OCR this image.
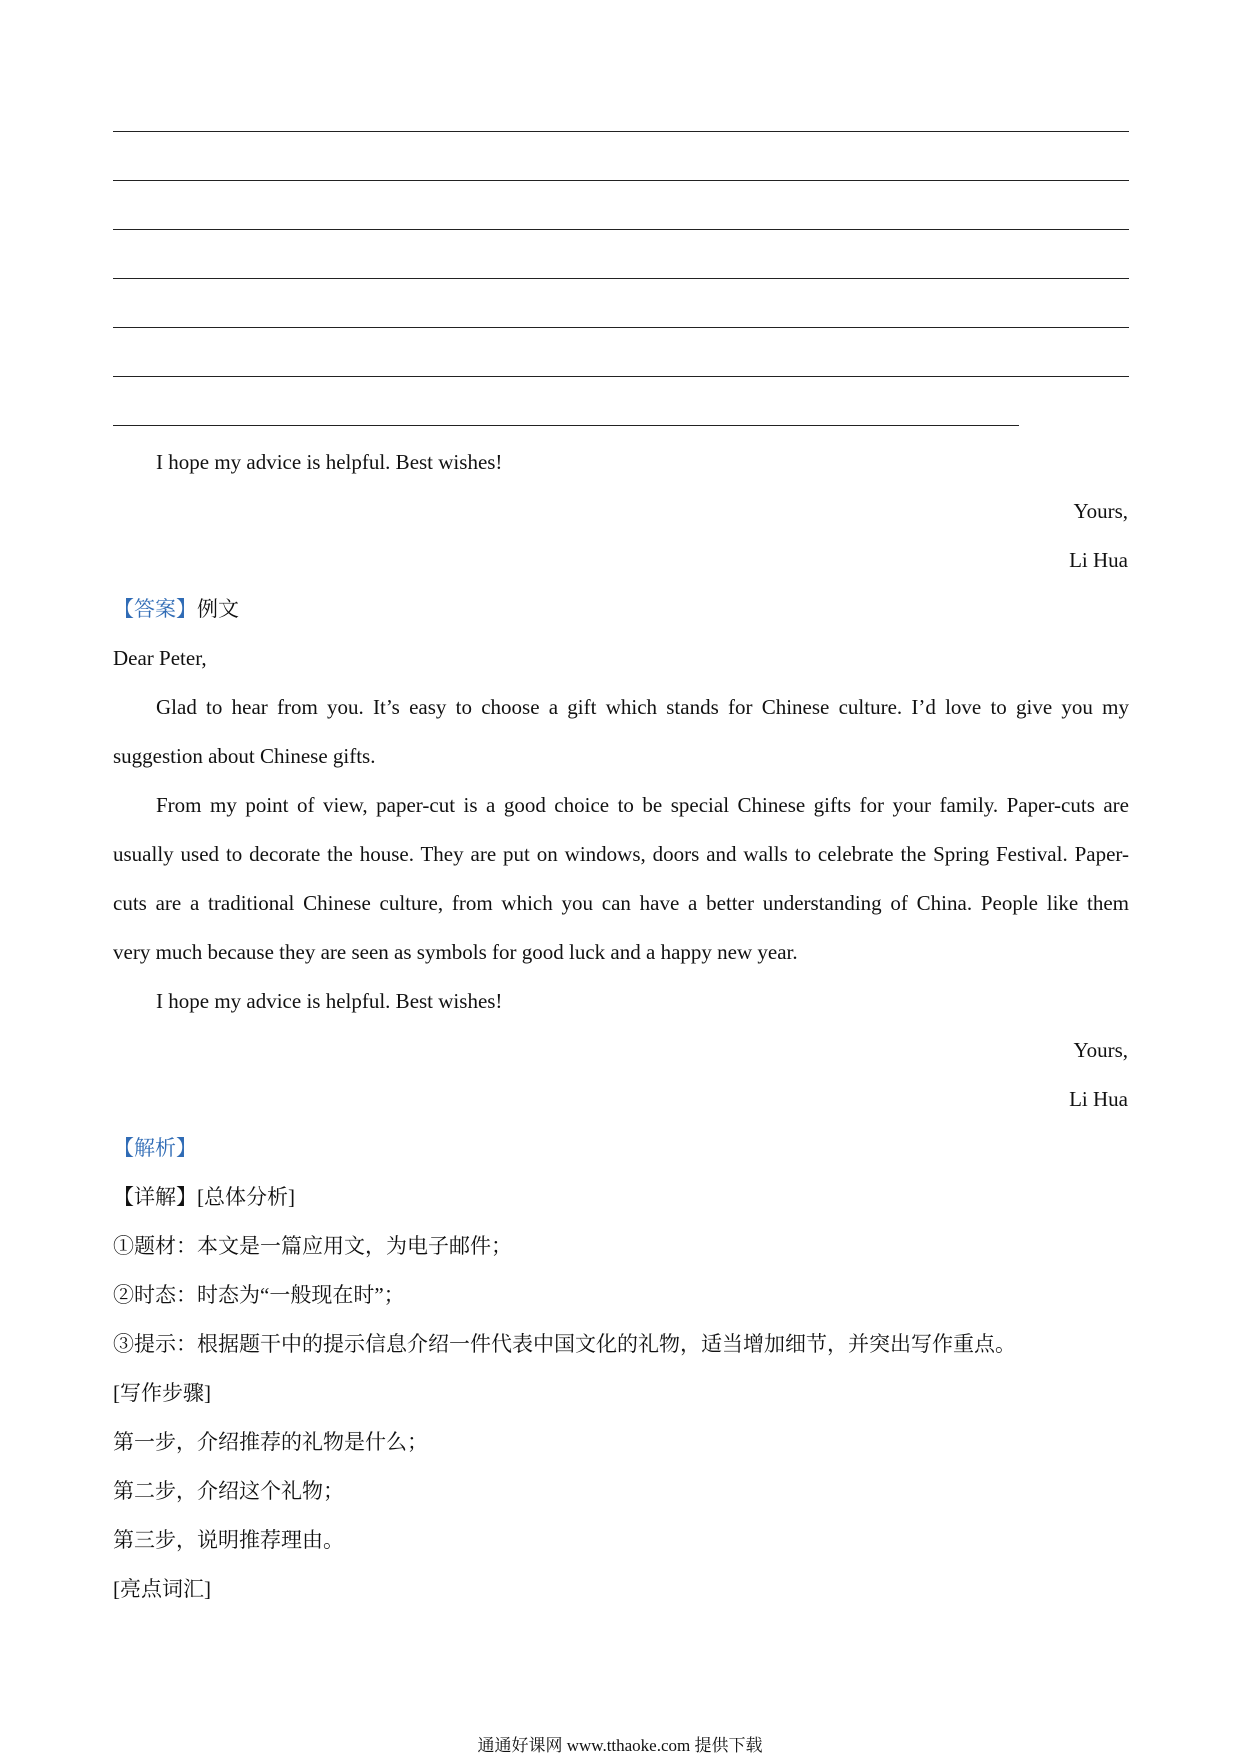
I hope my advice is helpful. Best wishes!
Yours,
Li Hua
【答案】例文
Dear Peter,
Glad to hear from you. It’s easy to choose a gift which stands for Chinese culture. I’d love to give you my
suggestion about Chinese gifts.
From my point of view, paper-cut is a good choice to be special Chinese gifts for your family. Paper-cuts are
usually used to decorate the house. They are put on windows, doors and walls to celebrate the Spring Festival. Paper-
cuts are a traditional Chinese culture, from which you can have a better understanding of China. People like them
very much because they are seen as symbols for good luck and a happy new year.
I hope my advice is helpful. Best wishes!
Yours,
Li Hua
【解析】
【详解】[总体分析]
①题材：本文是一篇应用文，为电子邮件；
②时态：时态为“一般现在时”；
③提示：根据题干中的提示信息介绍一件代表中国文化的礼物，适当增加细节，并突出写作重点。
[写作步骤]
第一步，介绍推荐的礼物是什么；
第二步，介绍这个礼物；
第三步，说明推荐理由。
[亮点词汇]
通通好课网 www.tthaoke.com 提供下载
